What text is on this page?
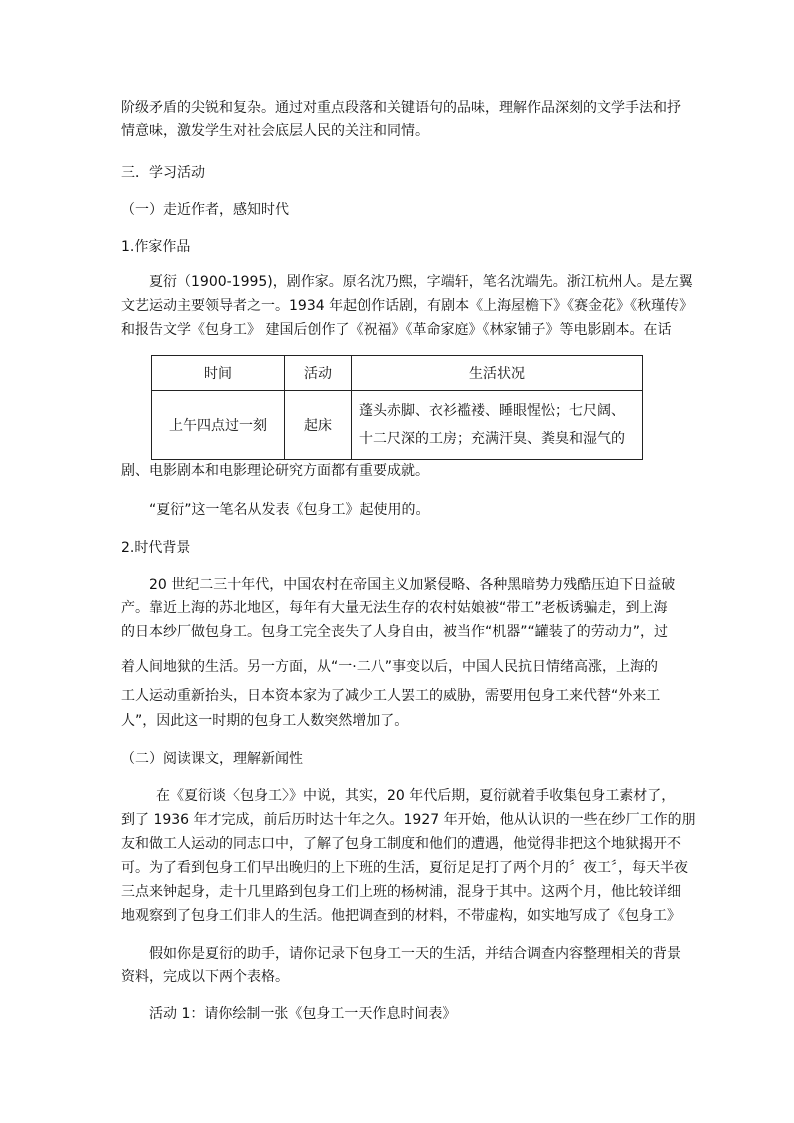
阶级矛盾的尖锐和复杂。通过对重点段落和关键语句的品味，理解作品深刻的文学手法和抒
情意味，激发学生对社会底层人民的关注和同情。
三．学习活动
（一）走近作者，感知时代
1.作家作品
夏衍（1900-1995)，剧作家。原名沈乃熙，字端轩，笔名沈端先。浙江杭州人。是左翼
文艺运动主要领导者之一。1934 年起创作话剧，有剧本《上海屋檐下》《赛金花》《秋瑾传》
和报告文学《包身工》 建国后创作了《祝福》《革命家庭》《林家铺子》等电影剧本。在话
时间	活动	生活状况
上午四点过一刻	起床	蓬头赤脚、衣衫褴褛、睡眼惺忪；七尺阔、
十二尺深的工房；充满汗臭、粪臭和湿气的
剧、电影剧本和电影理论研究方面都有重要成就。
“夏衍”这一笔名从发表《包身工》起使用的。
2.时代背景
20 世纪二三十年代，中国农村在帝国主义加紧侵略、各种黑暗势力残酷压迫下日益破
产。靠近上海的苏北地区，每年有大量无法生存的农村姑娘被“带工”老板诱骗走，到上海
的日本纱厂做包身工。包身工完全丧失了人身自由，被当作“机器”“罐装了的劳动力”，过
着人间地狱的生活。另一方面，从“一·二八”事变以后，中国人民抗日情绪高涨，上海的
工人运动重新抬头，日本资本家为了减少工人罢工的威胁，需要用包身工来代替“外来工
人”，因此这一时期的包身工人数突然增加了。
（二）阅读课文，理解新闻性
在《夏衍谈〈包身工〉》中说，其实，20 年代后期，夏衍就着手收集包身工素材了，
到了 1936 年才完成，前后历时达十年之久。1927 年开始，他从认识的一些在纱厂工作的朋
友和做工人运动的同志口中，了解了包身工制度和他们的遭遇，他觉得非把这个地狱揭开不
可。为了看到包身工们早出晚归的上下班的生活，夏衍足足打了两个月的〞夜工〞，每天半夜
三点来钟起身，走十几里路到包身工们上班的杨树浦，混身于其中。这两个月，他比较详细
地观察到了包身工们非人的生活。他把调查到的材料，不带虚构，如实地写成了《包身工》
假如你是夏衍的助手，请你记录下包身工一天的生活，并结合调查内容整理相关的背景
资料，完成以下两个表格。
活动 1：请你绘制一张《包身工一天作息时间表》
